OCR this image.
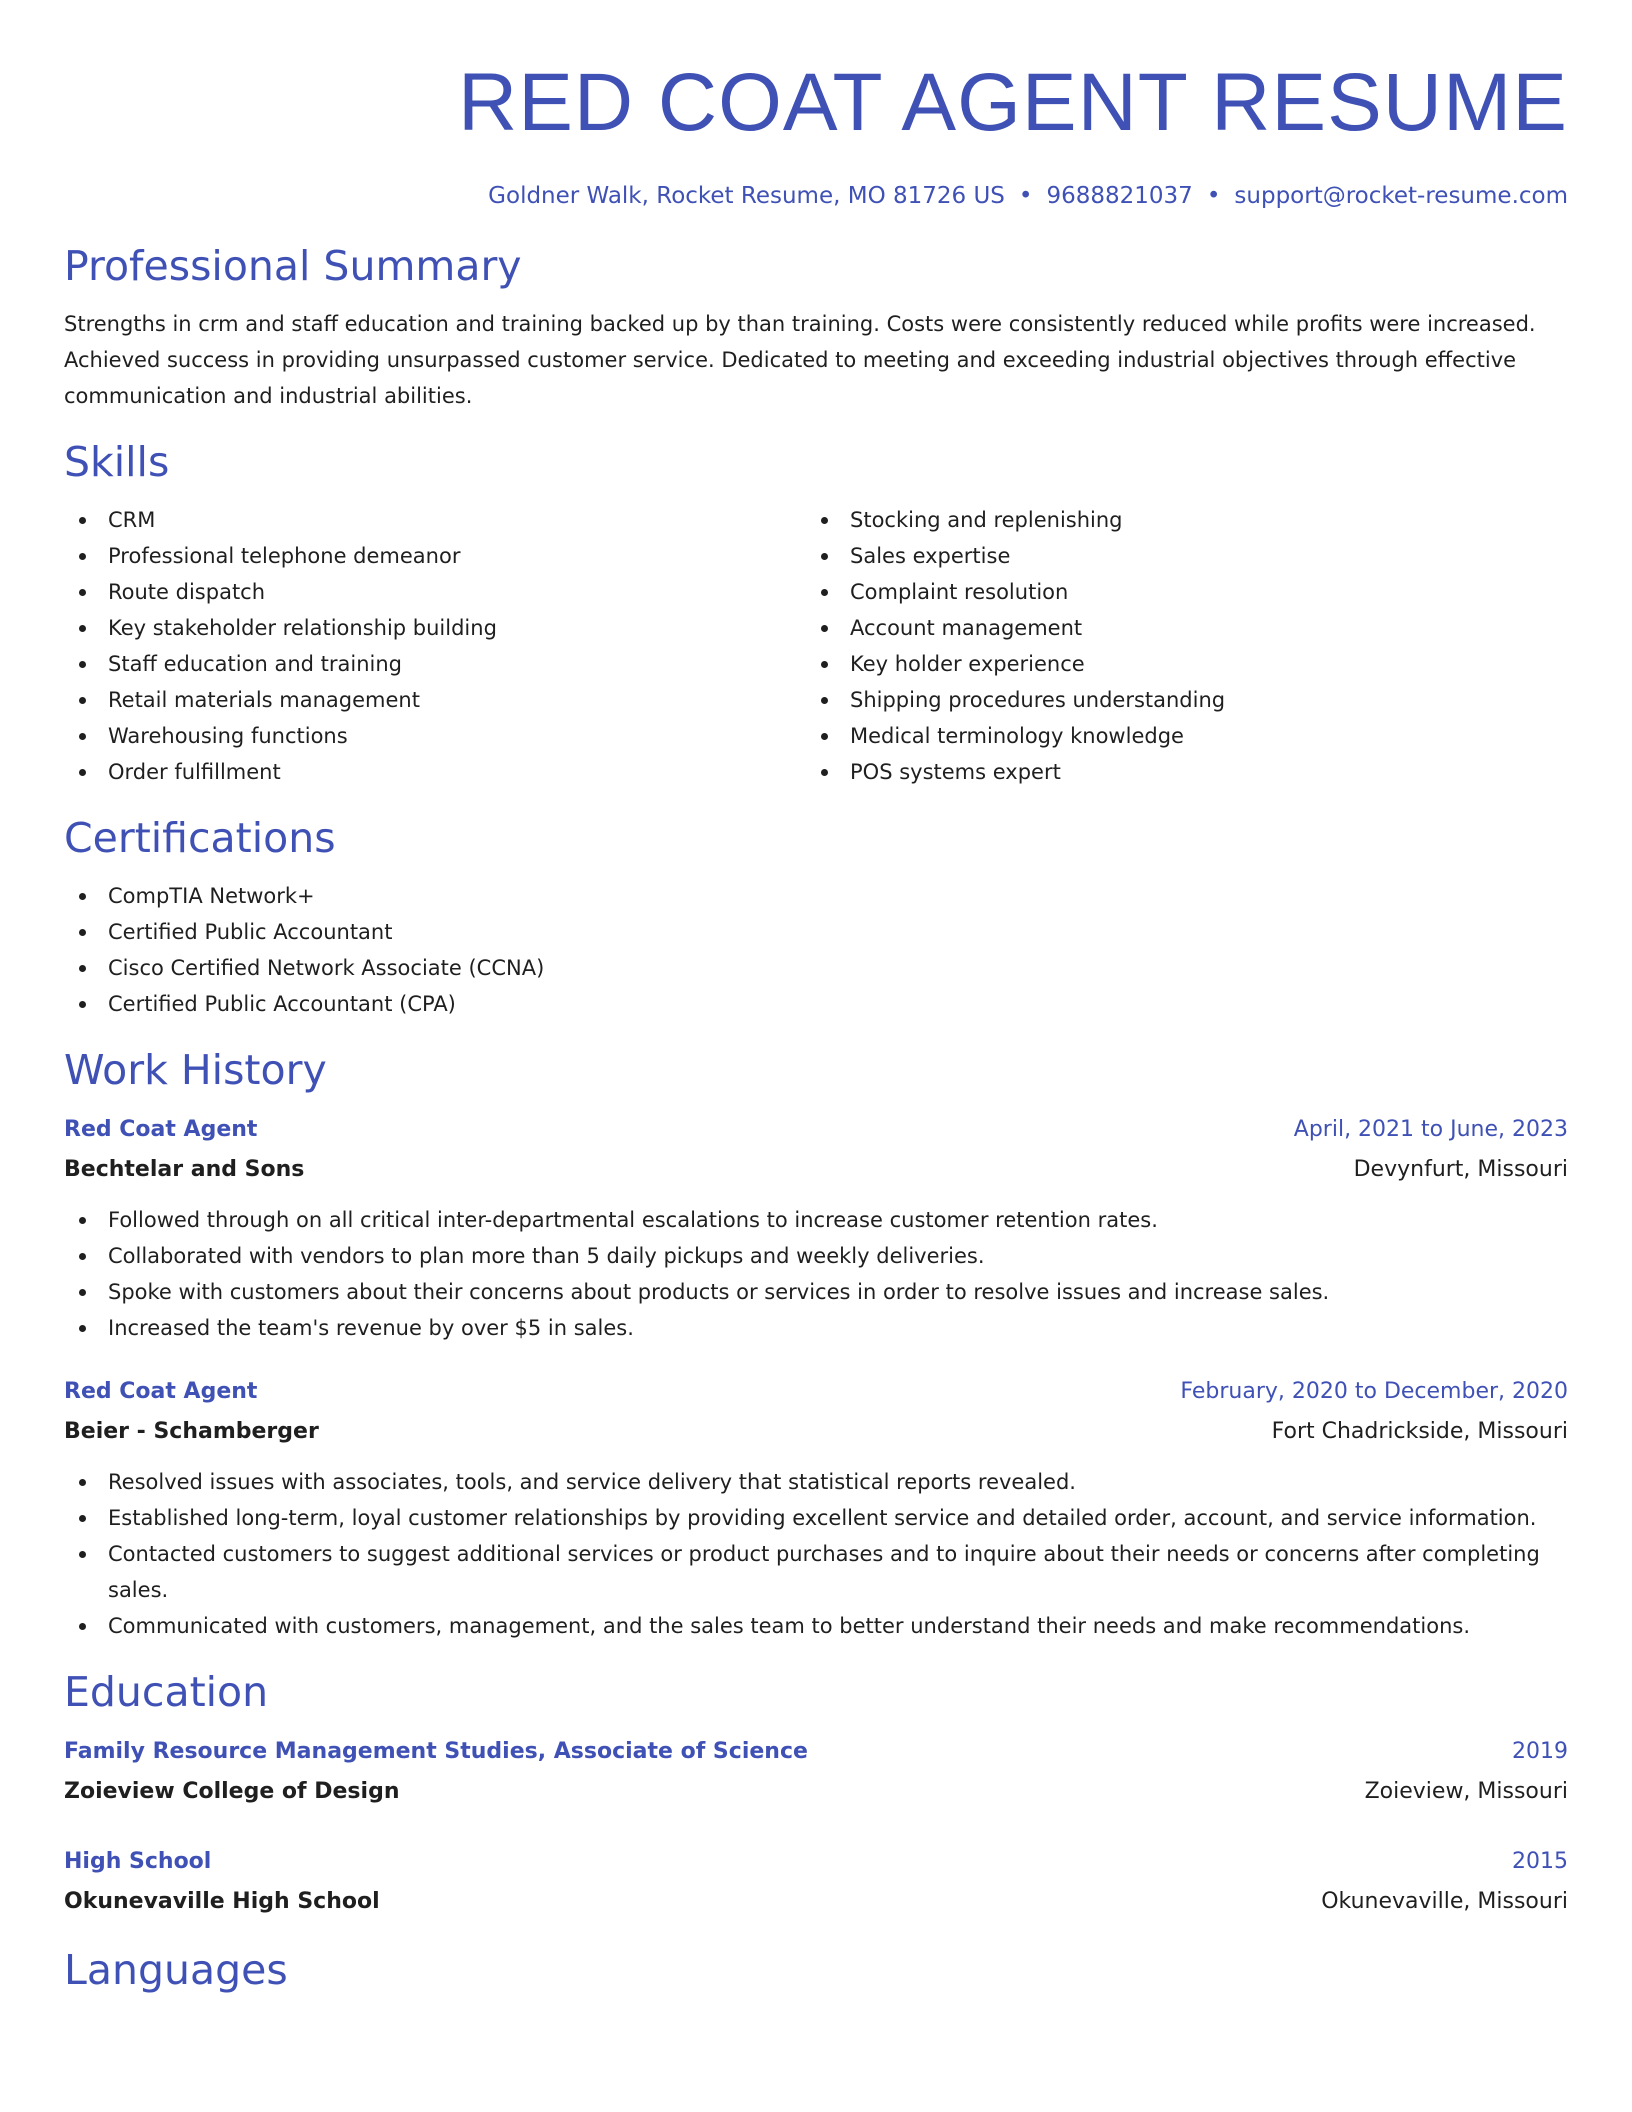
RED COAT AGENT RESUME
Goldner Walk, Rocket Resume, MO 81726 US • 9688821037 • support@rocket-resume.com
Professional Summary

Strengths in crm and staff education and training backed up by than training. Costs were consistently reduced while profits were increased. Achieved success in providing unsurpassed customer service. Dedicated to meeting and exceeding industrial objectives through effective communication and industrial abilities.

Skills
CRM
Professional telephone demeanor
Route dispatch
Key stakeholder relationship building
Staff education and training
Retail materials management
Warehousing functions
Order fulfillment
Stocking and replenishing
Sales expertise
Complaint resolution
Account management
Key holder experience
Shipping procedures understanding
Medical terminology knowledge
POS systems expert
Certifications
CompTIA Network+
Certified Public Accountant
Cisco Certified Network Associate (CCNA)
Certified Public Accountant (CPA)
Work History
Red Coat Agent	April, 2021 to June, 2023
Bechtelar and Sons	Devynfurt, Missouri
Followed through on all critical inter-departmental escalations to increase customer retention rates.
Collaborated with vendors to plan more than 5 daily pickups and weekly deliveries.
Spoke with customers about their concerns about products or services in order to resolve issues and increase sales.
Increased the team's revenue by over $5 in sales.
Red Coat Agent	February, 2020 to December, 2020
Beier - Schamberger	Fort Chadrickside, Missouri
Resolved issues with associates, tools, and service delivery that statistical reports revealed.
Established long-term, loyal customer relationships by providing excellent service and detailed order, account, and service information.
Contacted customers to suggest additional services or product purchases and to inquire about their needs or concerns after completing sales.
Communicated with customers, management, and the sales team to better understand their needs and make recommendations.
Education
Family Resource Management Studies, Associate of Science	2019
Zoieview College of Design	Zoieview, Missouri
High School	2015
Okunevaville High School	Okunevaville, Missouri
Languages
